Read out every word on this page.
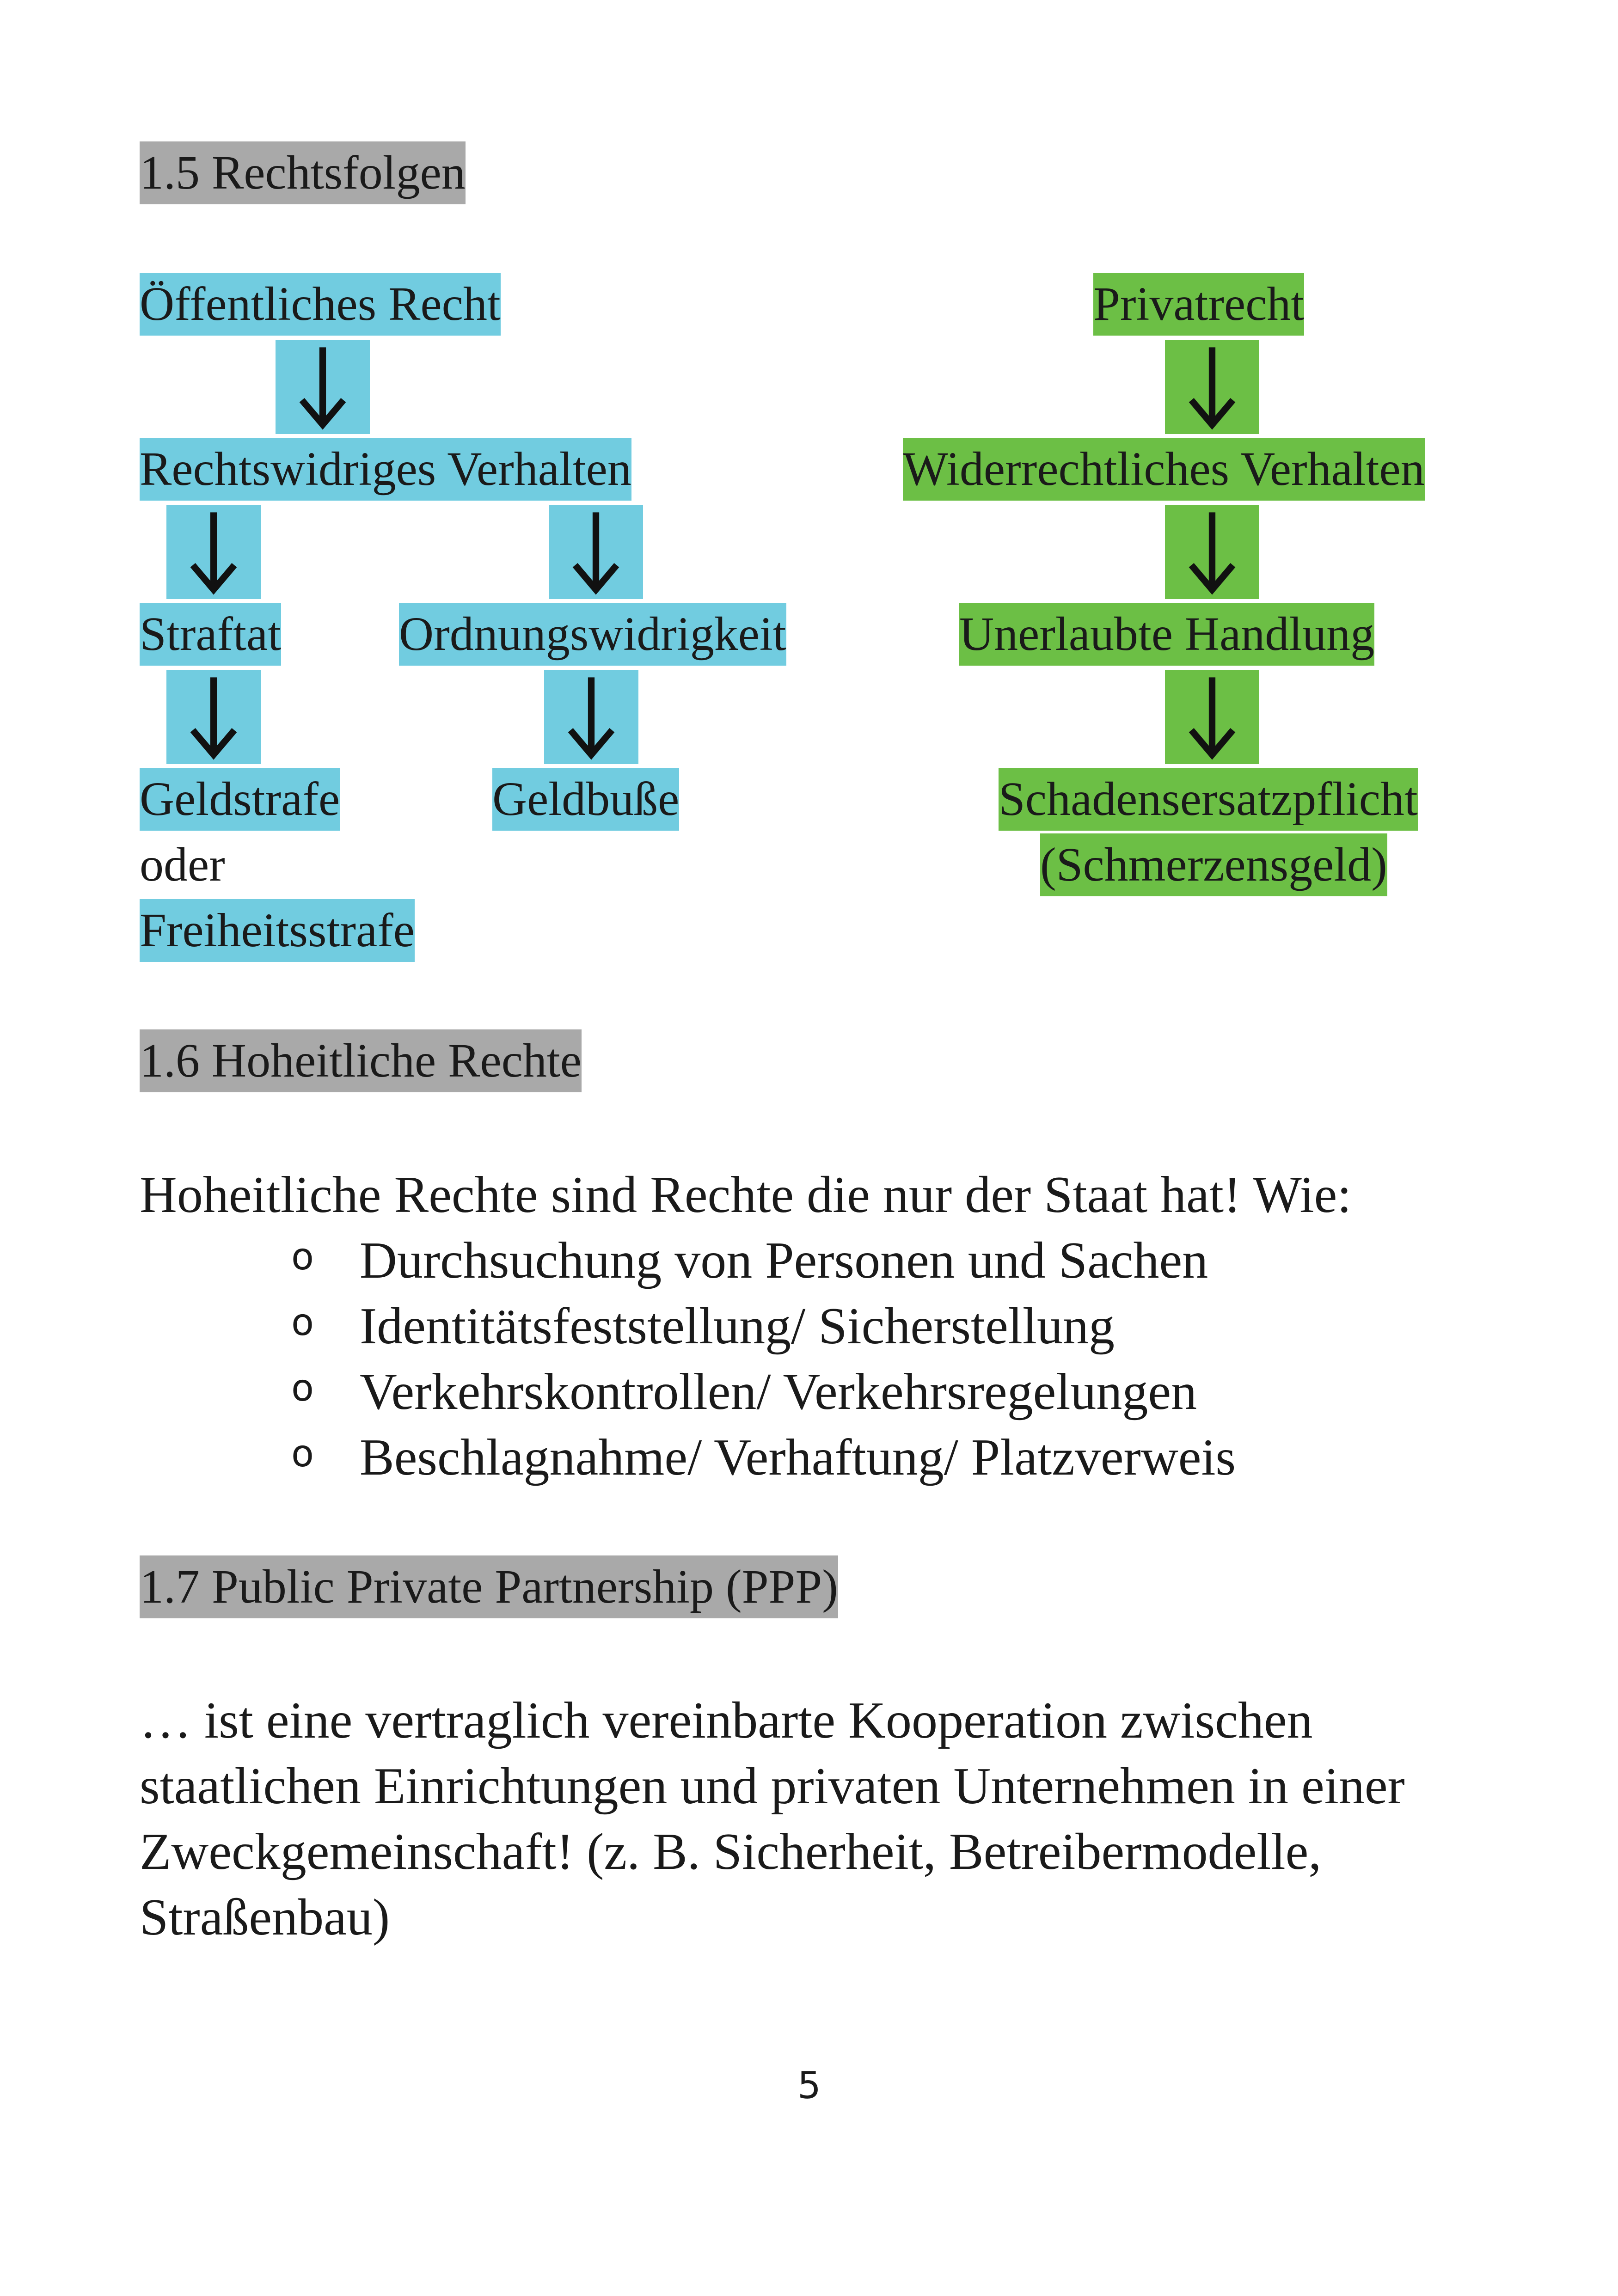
1.5 Rechtsfolgen
Öffentliches Recht
Rechtswidriges Verhalten
Straftat Ordnungswidrigkeit
Geldstrafe
oder
Freiheitsstrafe
Geldbuße
Privatrecht
Widerrechtliches Verhalten
Unerlaubte Handlung
Schadensersatzpflicht
(Schmerzensgeld)
1.6 Hoheitliche Rechte
Hoheitliche Rechte sind Rechte die nur der Staat hat! Wie:
o Durchsuchung von Personen und Sachen
o Identitätsfeststellung/ Sicherstellung
o Verkehrskontrollen/ Verkehrsregelungen
o Beschlagnahme/ Verhaftung/ Platzverweis
1.7 Public Private Partnership (PPP)
… ist eine vertraglich vereinbarte Kooperation zwischen
staatlichen Einrichtungen und privaten Unternehmen in einer
Zweckgemeinschaft! (z. B. Sicherheit, Betreibermodelle,
Straßenbau)
5
